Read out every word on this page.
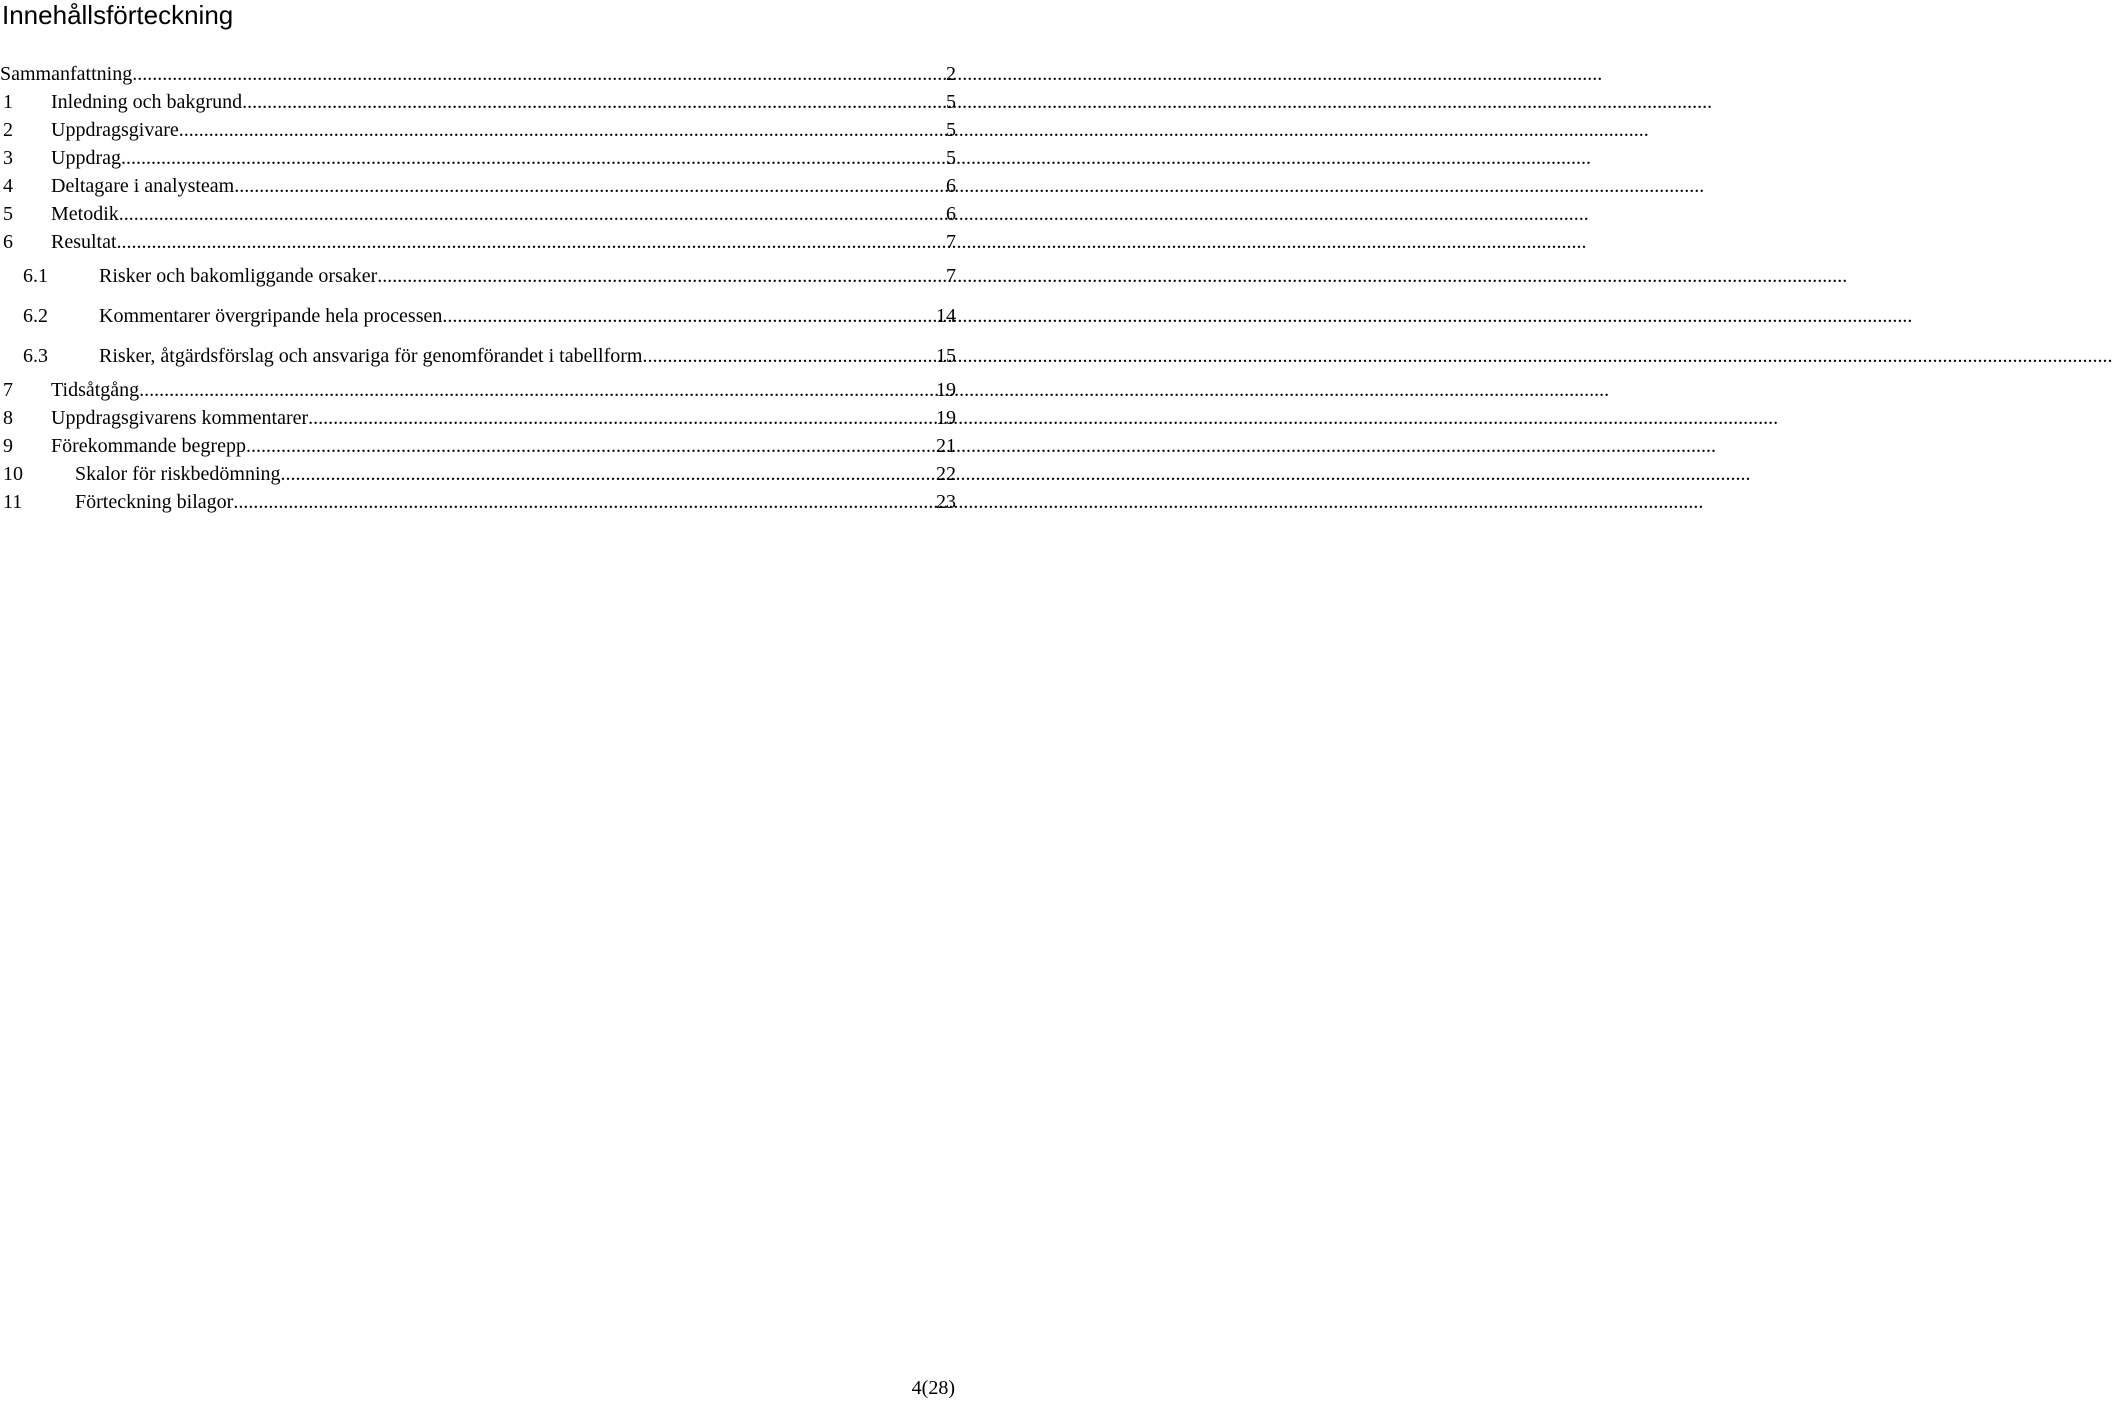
Innehållsförteckning
Sammanfattning .....	2
1	Inledning och bakgrund .....	5
2	Uppdragsgivare .....	5
3	Uppdrag .....	5
4	Deltagare i analysteam .....	6
5	Metodik .....	6
6	Resultat .....	7
6.1	Risker och bakomliggande orsaker .....	7
6.2	Kommentarer övergripande hela processen .....	14
6.3	Risker, åtgärdsförslag och ansvariga för genomförandet i tabellform .....	15
7	Tidsåtgång .....	19
8	Uppdragsgivarens kommentarer .....	19
9	Förekommande begrepp .....	21
10	Skalor för riskbedömning .....	22
11	Förteckning bilagor .....	23
4(28)
